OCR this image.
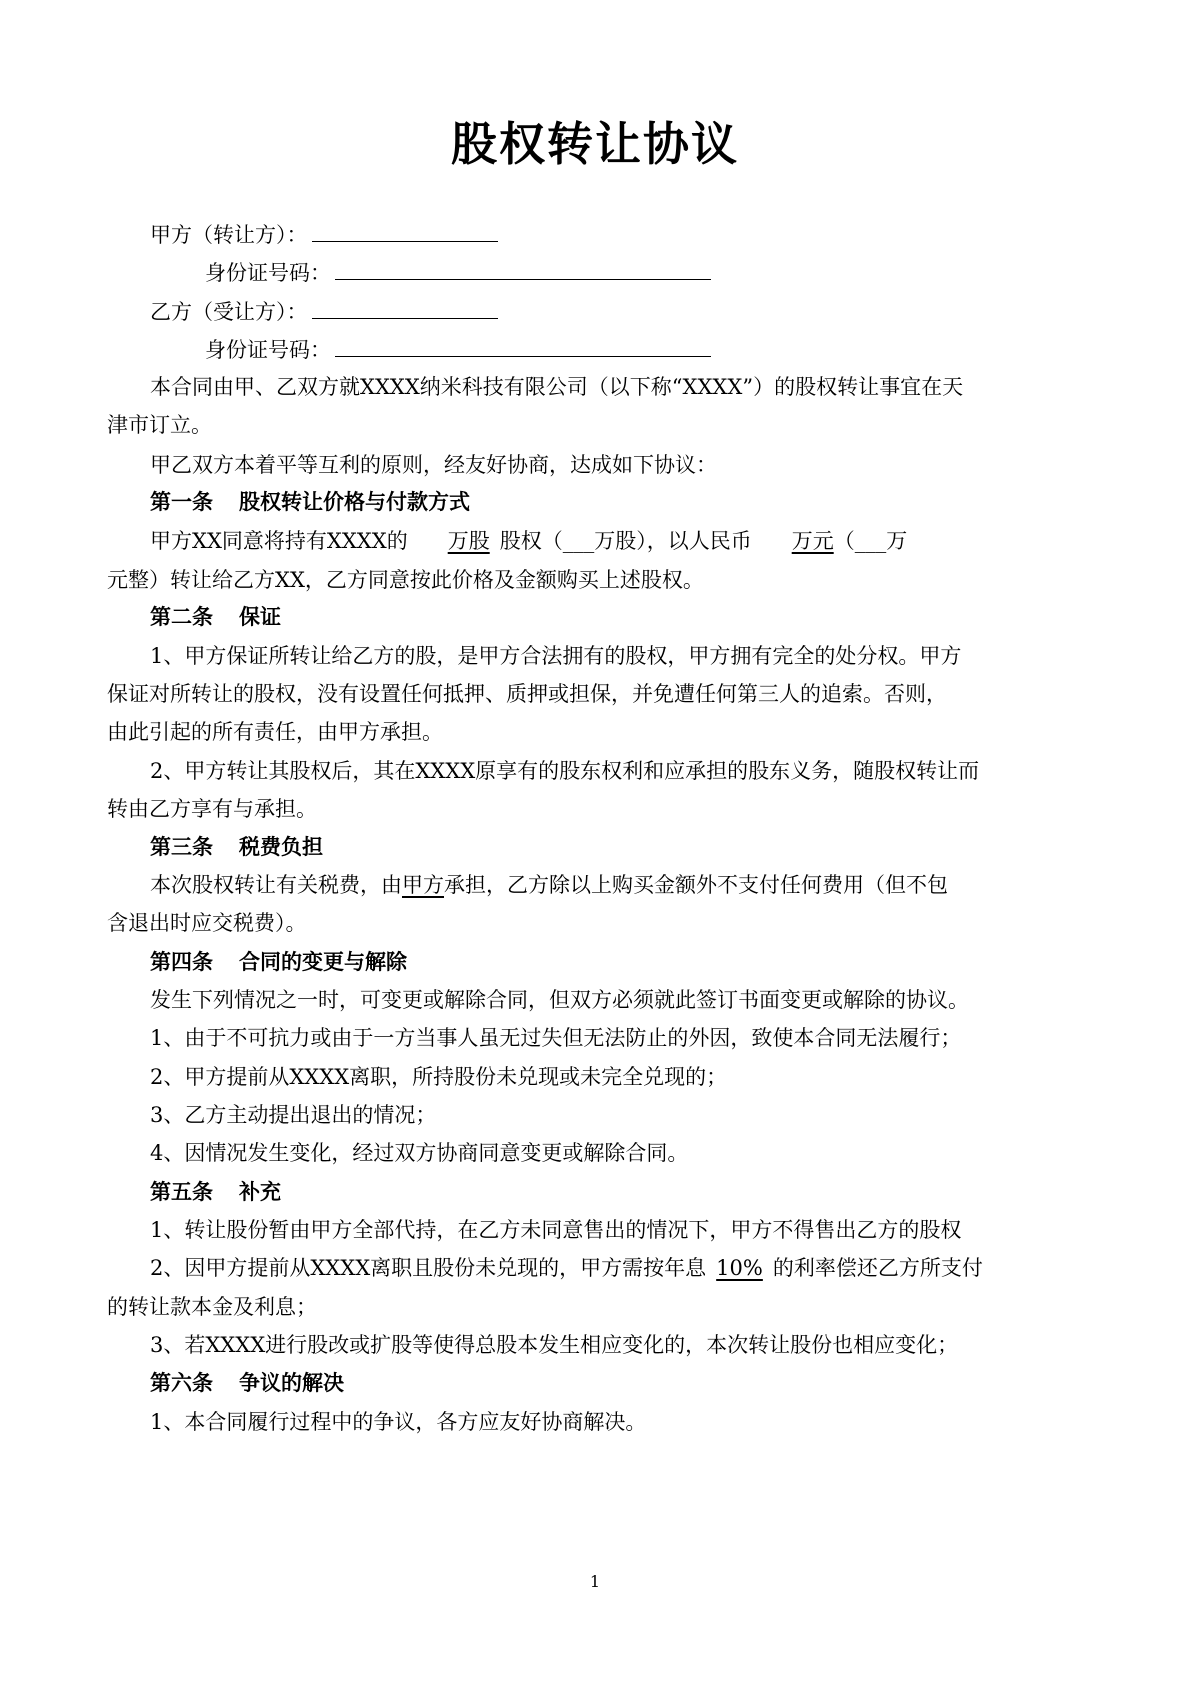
股权转让协议
甲方（转让方）：
身份证号码：
乙方（受让方）：
身份证号码：
本合同由甲、乙双方就XXXX纳米科技有限公司（以下称“XXXX”）的股权转让事宜在天
津市订立。
甲乙双方本着平等互利的原则，经友好协商，达成如下协议：
第一条 股权转让价格与付款方式
甲方XX同意将持有XXXX的 万股 股权（___万股），以人民币 万元（___万
元整）转让给乙方XX，乙方同意按此价格及金额购买上述股权。
第二条 保证
1、甲方保证所转让给乙方的股，是甲方合法拥有的股权，甲方拥有完全的处分权。甲方
保证对所转让的股权，没有设置任何抵押、质押或担保，并免遭任何第三人的追索。否则，
由此引起的所有责任，由甲方承担。
2、甲方转让其股权后，其在XXXX原享有的股东权利和应承担的股东义务，随股权转让而
转由乙方享有与承担。
第三条 税费负担
本次股权转让有关税费，由甲方承担，乙方除以上购买金额外不支付任何费用（但不包
含退出时应交税费）。
第四条 合同的变更与解除
发生下列情况之一时，可变更或解除合同，但双方必须就此签订书面变更或解除的协议。
1、由于不可抗力或由于一方当事人虽无过失但无法防止的外因，致使本合同无法履行；
2、甲方提前从XXXX离职，所持股份未兑现或未完全兑现的；
3、乙方主动提出退出的情况；
4、因情况发生变化，经过双方协商同意变更或解除合同。
第五条 补充
1、转让股份暂由甲方全部代持，在乙方未同意售出的情况下，甲方不得售出乙方的股权
2、因甲方提前从XXXX离职且股份未兑现的，甲方需按年息 10% 的利率偿还乙方所支付
的转让款本金及利息；
3、若XXXX进行股改或扩股等使得总股本发生相应变化的，本次转让股份也相应变化；
第六条 争议的解决
1、本合同履行过程中的争议，各方应友好协商解决。
1
